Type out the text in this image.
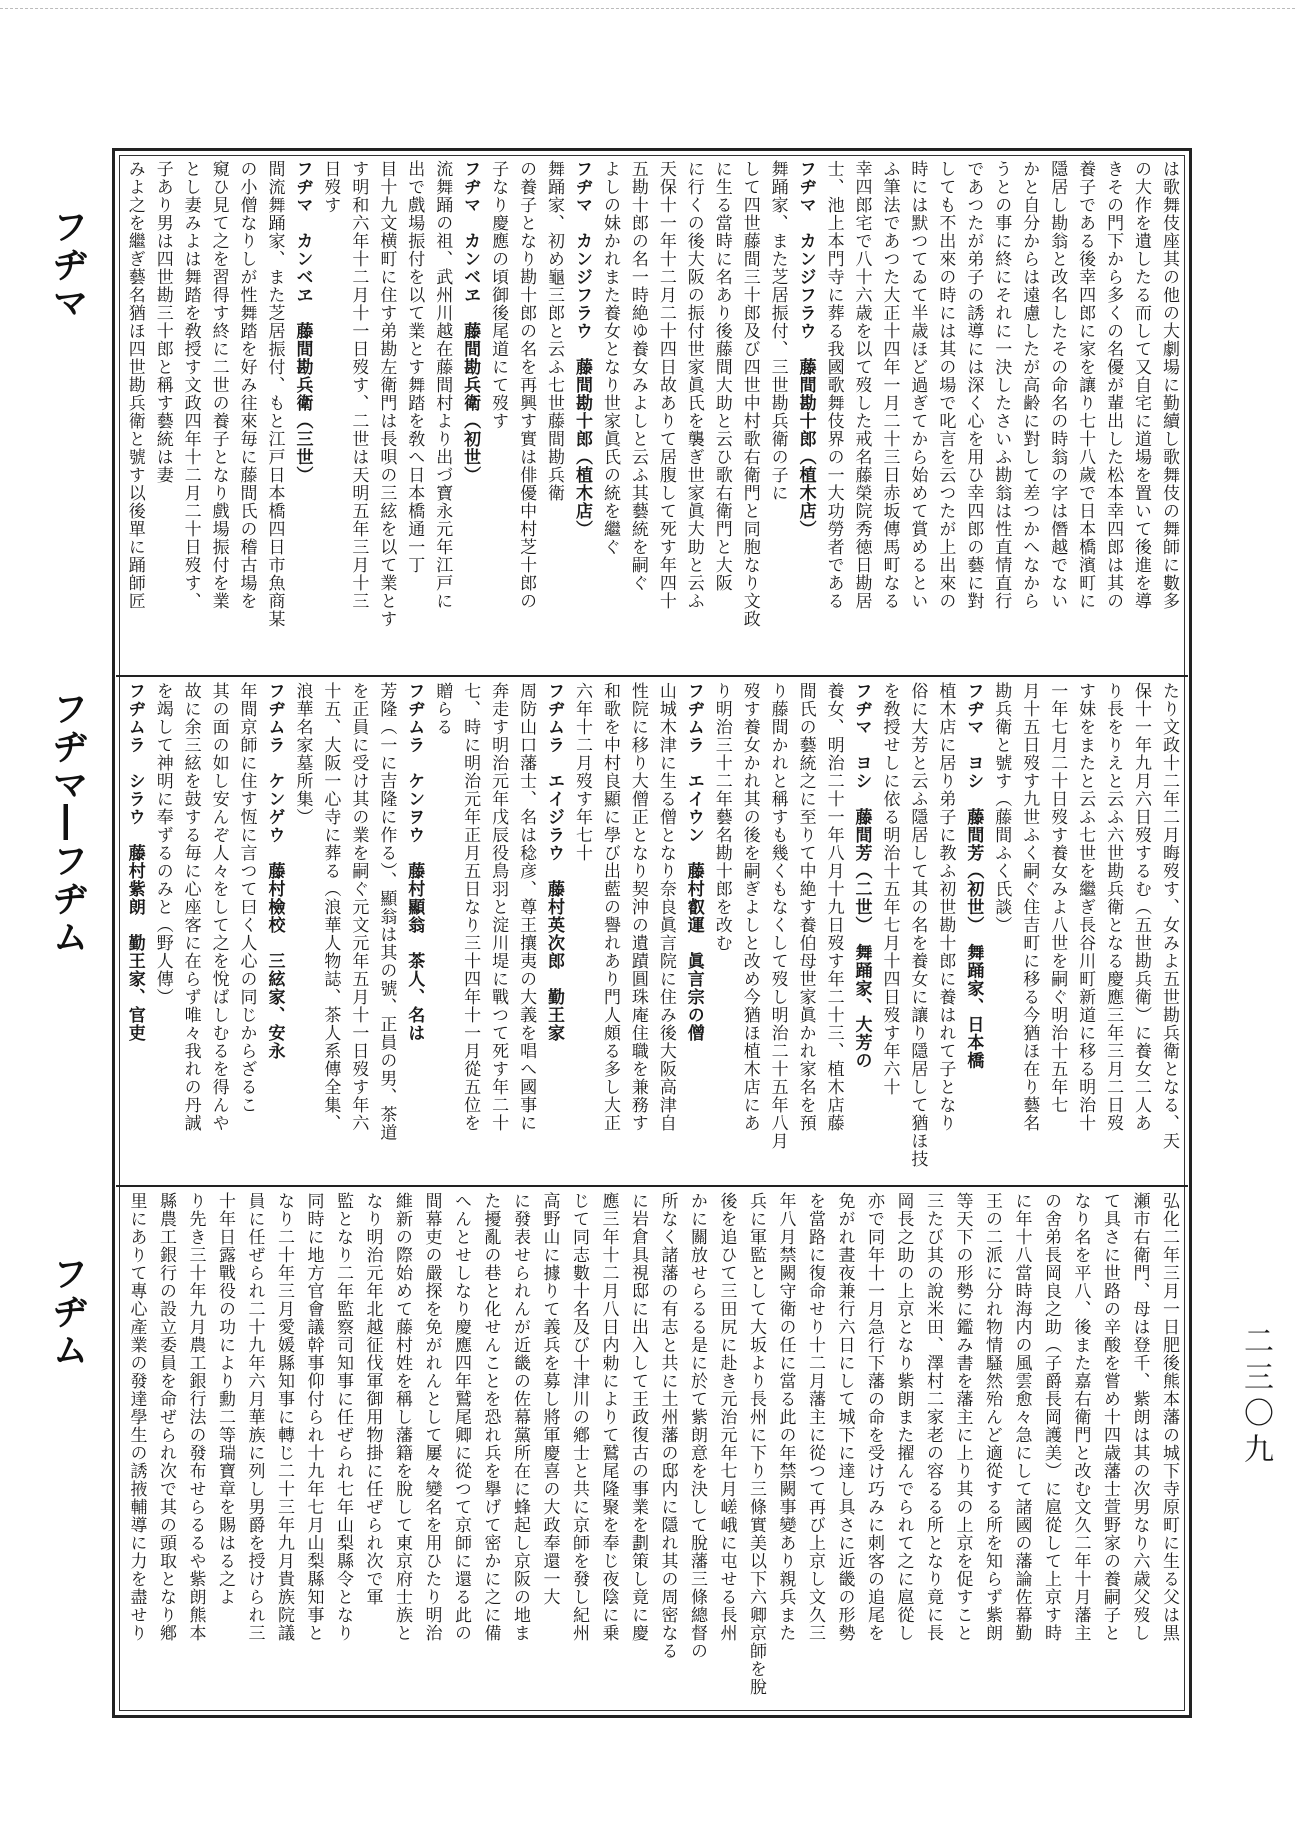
フヂマ
フヂマ―フヂム
フヂム
は歌舞伎座其の他の大劇場に勤續し歌舞伎の舞師に數多
の大作を遺したる而して又自宅に道場を置いて後進を導
きその門下から多くの名優が輩出した松本幸四郎は其の
養子である後幸四郎に家を讓り七十八歲で日本橋濱町に
隱居し勘翁と改名したその命名の時翁の字は僭越でない
かと自分からは遠慮したが高齢に對して差つかへなから
うとの事に終にそれに一決したさいふ勘翁は性直情直行
であつたが弟子の誘導には深く心を用ひ幸四郎の藝に對
しても不出來の時には其の場で叱言を云つたが上出來の
時には默つてゐて半歳ほど過ぎてから始めて賞めるとい
ふ筆法であつた大正十四年一月二十三日赤坂傳馬町なる
幸四郎宅で八十六歳を以て歿した戒名藤榮院秀徳日勘居
士、池上本門寺に葬る我國歌舞伎界の一大功勞者である
フヂマ　カンジフラウ　藤間勘十郎（植木店）
舞踊家、また芝居振付、三世勘兵衛の子に
して四世藤間三十郎及び四世中村歌右衛門と同胞なり文政
に生る當時に名あり後藤間大助と云ひ歌右衛門と大阪
に行くの後大阪の振付世家眞氏を襲ぎ世家眞大助と云ふ
天保十一年十二月二十四日故ありて居腹して死す年四十
五勘十郎の名一時絶ゆ養女みよしと云ふ其藝統を嗣ぐ
よしの妹かれまた養女となり世家眞氏の統を繼ぐ
フヂマ　カンジフラウ　藤間勘十郎（植木店）
舞踊家、初め龜三郎と云ふ七世藤間勘兵衛
の養子となり勘十郎の名を再興す實は俳優中村芝十郎の
子なり慶應の頃御後尾道にて歿す
フヂマ　カンベヱ　藤間勘兵衛（初世）
流舞踊の祖、武州川越在藤間村より出づ寶永元年江戸に
出で戲場振付を以て業とす舞踏を敎へ日本橋通一丁
目十九文横町に住す弟勘左衛門は長唄の三絃を以て業とす
す明和六年十二月十一日歿す、二世は天明五年三月十三
日歿す
フヂマ　カンベヱ　藤間勘兵衛（三世）
間流舞踊家、また芝居振付、もと江戸日本橋四日市魚商某
の小僧なりしが性舞踏を好み往來毎に藤間氏の稽古場を
窺ひ見て之を習得す終に二世の養子となり戲場振付を業
とし妻みよは舞踏を敎授す文政四年十二月二十日歿す、
子あり男は四世勘三十郎と稱す藝統は妻
みよ之を繼ぎ藝名猶ほ四世勘兵衛と號す以後單に踊師匠
たり文政十二年二月晦歿す、女みよ五世勘兵衛となる、天
保十一年九月六日歿するむ（五世勘兵衛）に養女二人あ
り長をりえと云ふ六世勘兵衛となる慶應三年三月二日歿
す妹をまたと云ふ七世を繼ぎ長谷川町新道に移る明治十
一年七月二十日歿す養女みよ八世を嗣ぐ明治十五年七
月十五日歿す九世ふく嗣ぐ住吉町に移る今猶ほ在り藝名
勘兵衛と號す（藤間ふく氏談）
フヂマ　ヨシ　藤間芳（初世）　舞踊家、日本橋
植木店に居り弟子に教ふ初世勘十郎に養はれて子となり
俗に大芳と云ふ隱居して其の名を養女に讓り隱居して猶ほ技
を敎授せしに依る明治十五年七月十四日歿す年六十
フヂマ　ヨシ　藤間芳（二世）　舞踊家、大芳の
養女、明治二十一年八月十九日歿す年二十三、植木店藤
間氏の藝統之に至りて中絶す養伯母世家眞かれ家名を預
り藤間かれと稱すも幾くもなくして歿し明治二十五年八月
歿す養女かれ其の後を嗣ぎよしと改め今猶ほ植木店にあ
り明治三十二年藝名勘十郎を改む
フヂムラ　エイウン　藤村叡運　眞言宗の僧
山城木津に生る僧となり奈良眞言院に住み後大阪高津自
性院に移り大僧正となり契沖の遺蹟圓珠庵住職を兼務す
和歌を中村良顯に學び出藍の譽れあり門人頗る多し大正
六年十二月歿す年七十
フヂムラ　エイジラウ　藤村英次郎　勤王家
周防山口藩士、名は稔彦、尊王攘夷の大義を唱へ國事に
奔走す明治元年戊辰役鳥羽と淀川堤に戰つて死す年二十
七、時に明治元年正月五日なり三十四年十一月從五位を
贈らる
フヂムラ　ケンヲウ　藤村顯翁　茶人、名は
芳隆（一に吉隆に作る）、顯翁は其の號、正員の男、茶道
を正員に受け其の業を嗣ぐ元文元年五月十一日歿す年六
十五、大阪一心寺に葬る（浪華人物誌、茶人系傳全集、
浪華名家墓所集）
フヂムラ　ケンゲウ　藤村檢校　三絃家、安永
年間京師に住す恆に言つて曰く人心の同じからざるこ
其の面の如し安んぞ人々をして之を悅ばしむるを得んや
故に余三絃を鼓する毎に心座客に在らず唯々我れの丹誠
を竭して神明に奉ずるのみと（野人傳）
フヂムラ　シラウ　藤村紫朗　勤王家、官吏
弘化二年三月一日肥後熊本藩の城下寺原町に生る父は黒
瀬市右衛門、母は登千、紫朗は其の次男なり六歳父歿し
て具さに世路の辛酸を嘗め十四歳藩士萱野家の養嗣子と
なり名を平八、後また嘉右衛門と改む文久二年十月藩主
の舍弟長岡良之助（子爵長岡護美）に扈從して上京す時
に年十八當時海内の風雲愈々急にして諸國の藩論佐幕勤
王の二派に分れ物情騷然殆んど適從する所を知らず紫朗
等天下の形勢に鑑み書を藩主に上り其の上京を促すこと
三たび其の說米田、澤村二家老の容るる所となり竟に長
岡長之助の上京となり紫朗また擢んでられて之に扈從し
亦で同年十一月急行下藩の命を受け巧みに刺客の追尾を
免がれ晝夜兼行六日にして城下に達し具さに近畿の形勢
を當路に復命せり十二月藩主に從つて再び上京し文久三
年八月禁闕守衛の任に當る此の年禁闕事變あり親兵また
兵に軍監として大坂より長州に下り三條實美以下六卿京師を脫
後を追ひて三田尻に赴き元治元年七月嵯峨に屯せる長州
かに關放せらるる是に於て紫朗意を決して脫藩三條總督の
所なく諸藩の有志と共に土州藩の邸内に隱れ其の周密なる
に岩倉具視邸に出入して王政復古の事業を劃策し竟に慶
應三年十二月八日内勅によりて鷲尾隆聚を奉じ夜陰に乗
じて同志數十名及び十津川の鄕士と共に京師を發し紀州
高野山に據りて義兵を募し將軍慶喜の大政奉還一大
に發表せられんが近畿の佐幕黨所在に蜂起し京阪の地ま
た擾亂の巷と化せんことを恐れ兵を擧げて密かに之に備
へんとせしなり慶應四年鷲尾卿に從つて京師に還る此の
間幕吏の嚴探を免がれんとして屢々變名を用ひたり明治
維新の際始めて藤村姓を稱し藩籍を脫して東京府士族と
なり明治元年北越征伐軍御用物掛に任ぜられ次で軍
監となり二年監察司知事に任ぜられ七年山梨縣令となり
同時に地方官會議幹事仰付られ十九年七月山梨縣知事と
なり二十年三月愛媛縣知事に轉じ二十三年九月貴族院議
員に任ぜられ二十九年六月華族に列し男爵を授けられ三
十年日露戰役の功により勳二等瑞寶章を賜はる之よ
り先き三十年九月農工銀行法の發布せらるるや紫朗熊本
縣農工銀行の設立委員を命ぜられ次で其の頭取となり鄕
里にありて專心產業の發達學生の誘掖輔導に力を盡せり	二三〇九
